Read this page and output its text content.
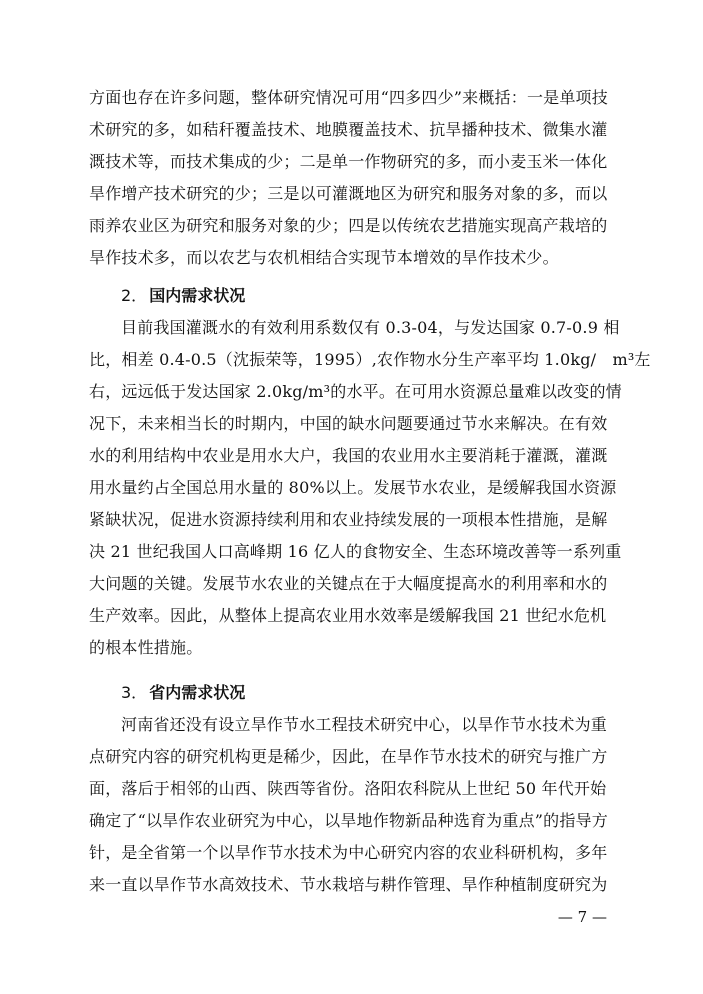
方面也存在许多问题，整体研究情况可用“四多四少”来概括：一是单项技
术研究的多，如秸秆覆盖技术、地膜覆盖技术、抗旱播种技术、微集水灌
溉技术等，而技术集成的少；二是单一作物研究的多，而小麦玉米一体化
旱作增产技术研究的少；三是以可灌溉地区为研究和服务对象的多，而以
雨养农业区为研究和服务对象的少；四是以传统农艺措施实现高产栽培的
旱作技术多，而以农艺与农机相结合实现节本增效的旱作技术少。
2． 国内需求状况
目前我国灌溉水的有效利用系数仅有 0.3-04，与发达国家 0.7-0.9 相
比，相差 0.4-0.5（沈振荣等，1995）,农作物水分生产率平均 1.0kg/　m³左
右，远远低于发达国家 2.0kg/m³的水平。在可用水资源总量难以改变的情
况下，未来相当长的时期内，中国的缺水问题要通过节水来解决。在有效
水的利用结构中农业是用水大户，我国的农业用水主要消耗于灌溉，灌溉
用水量约占全国总用水量的 80%以上。发展节水农业，是缓解我国水资源
紧缺状况，促进水资源持续利用和农业持续发展的一项根本性措施，是解
决 21 世纪我国人口高峰期 16 亿人的食物安全、生态环境改善等一系列重
大问题的关键。发展节水农业的关键点在于大幅度提高水的利用率和水的
生产效率。因此，从整体上提高农业用水效率是缓解我国 21 世纪水危机
的根本性措施。
3． 省内需求状况
河南省还没有设立旱作节水工程技术研究中心，以旱作节水技术为重
点研究内容的研究机构更是稀少，因此，在旱作节水技术的研究与推广方
面，落后于相邻的山西、陕西等省份。洛阳农科院从上世纪 50 年代开始
确定了“以旱作农业研究为中心，以旱地作物新品种选育为重点”的指导方
针，是全省第一个以旱作节水技术为中心研究内容的农业科研机构，多年
来一直以旱作节水高效技术、节水栽培与耕作管理、旱作种植制度研究为
— 7 —
